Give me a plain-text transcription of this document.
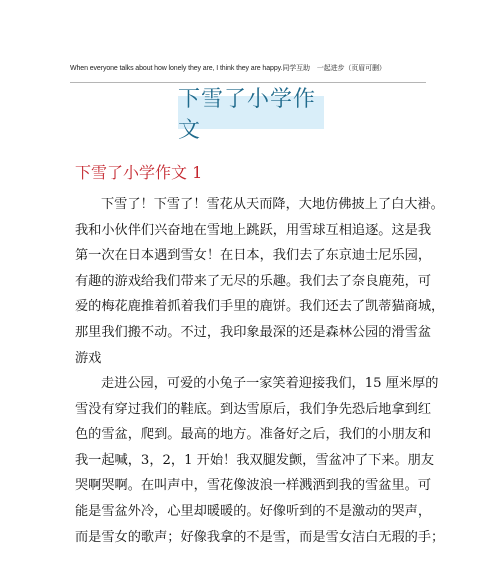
When everyone talks about how lonely they are, I think they are happy.同学互助　一起进步（页眉可删）
下雪了小学作文
下雪了小学作文 1
下雪了！下雪了！雪花从天而降，大地仿佛披上了白大褂。
我和小伙伴们兴奋地在雪地上跳跃，用雪球互相追逐。这是我
第一次在日本遇到雪女！在日本，我们去了东京迪士尼乐园，
有趣的游戏给我们带来了无尽的乐趣。我们去了奈良鹿苑，可
爱的梅花鹿推着抓着我们手里的鹿饼。我们还去了凯蒂猫商城，
那里我们搬不动。不过，我印象最深的还是森林公园的滑雪盆
游戏
走进公园，可爱的小兔子一家笑着迎接我们，15 厘米厚的
雪没有穿过我们的鞋底。到达雪原后，我们争先恐后地拿到红
色的雪盆，爬到。最高的地方。准备好之后，我们的小朋友和
我一起喊，3，2，1 开始！我双腿发颤，雪盆冲了下来。朋友
哭啊哭啊。在叫声中，雪花像波浪一样溅洒到我的雪盆里。可
能是雪盆外冷，心里却暖暖的。好像听到的不是激动的哭声，
而是雪女的歌声；好像我拿的不是雪，而是雪女洁白无瑕的手；
